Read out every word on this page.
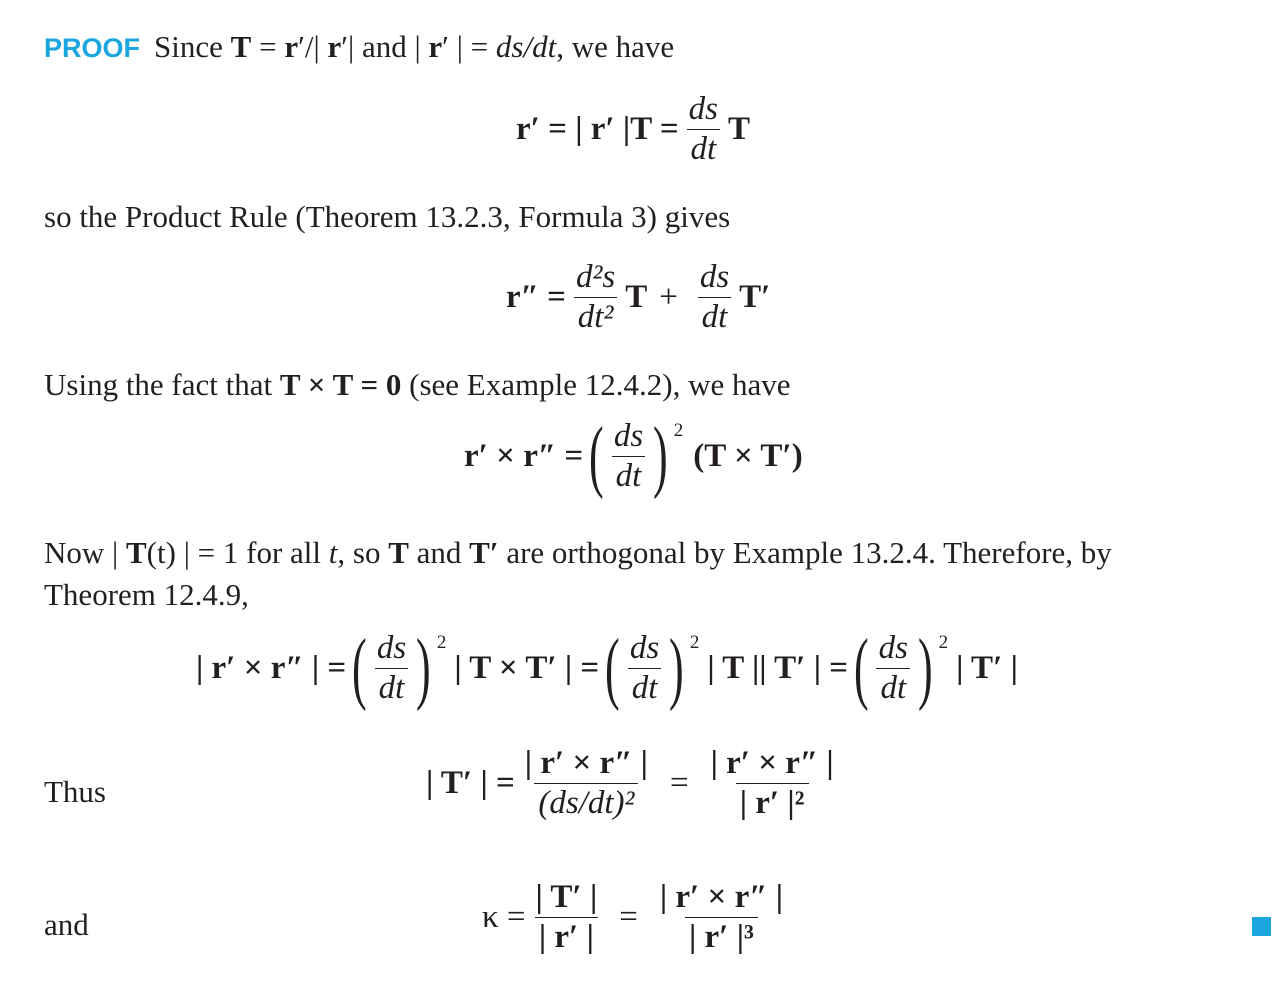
PROOF Since T = r′/| r′| and | r′ | = ds/dt, we have
r′ = | r′ $|T = \frac{ds}{dt}$ T
so the Product Rule (Theorem 13.2.3, Formula 3) gives
$r'' = \frac{\text{d²s}}{\text{dt²}}$ $T + \frac{ds}{dt} T'$
Using the fact that T × T = 0 (see Example 12.4.2), we have
r′ × r″ = ( $\frac{ds}{dt}$ ) 2
(T × T′)
Now | T(t) | = 1 for all t, so T and T′ are orthogonal by Example 13.2.4. Therefore, by
Theorem 12.4.9,
| r′ × r″ | = ( $\frac{ds}{dt}$ ) 2
| T × T′ | = ( $\frac{ds}{dt}$ ) 2
| T || T′ | = ( $\frac{ds}{dt}$ ) 2
| T′ |
Thus	| T′ | = $\frac{| r' \times r'' |}{\text{(ds/dt)²}} = \frac{| r' \times r'' |}{\text{| r′ |²}}$
and	$\kappa = \frac{| T' |}{| r' |} = \frac{| r' \times r'' |}{\text{| r′ |³}}$
